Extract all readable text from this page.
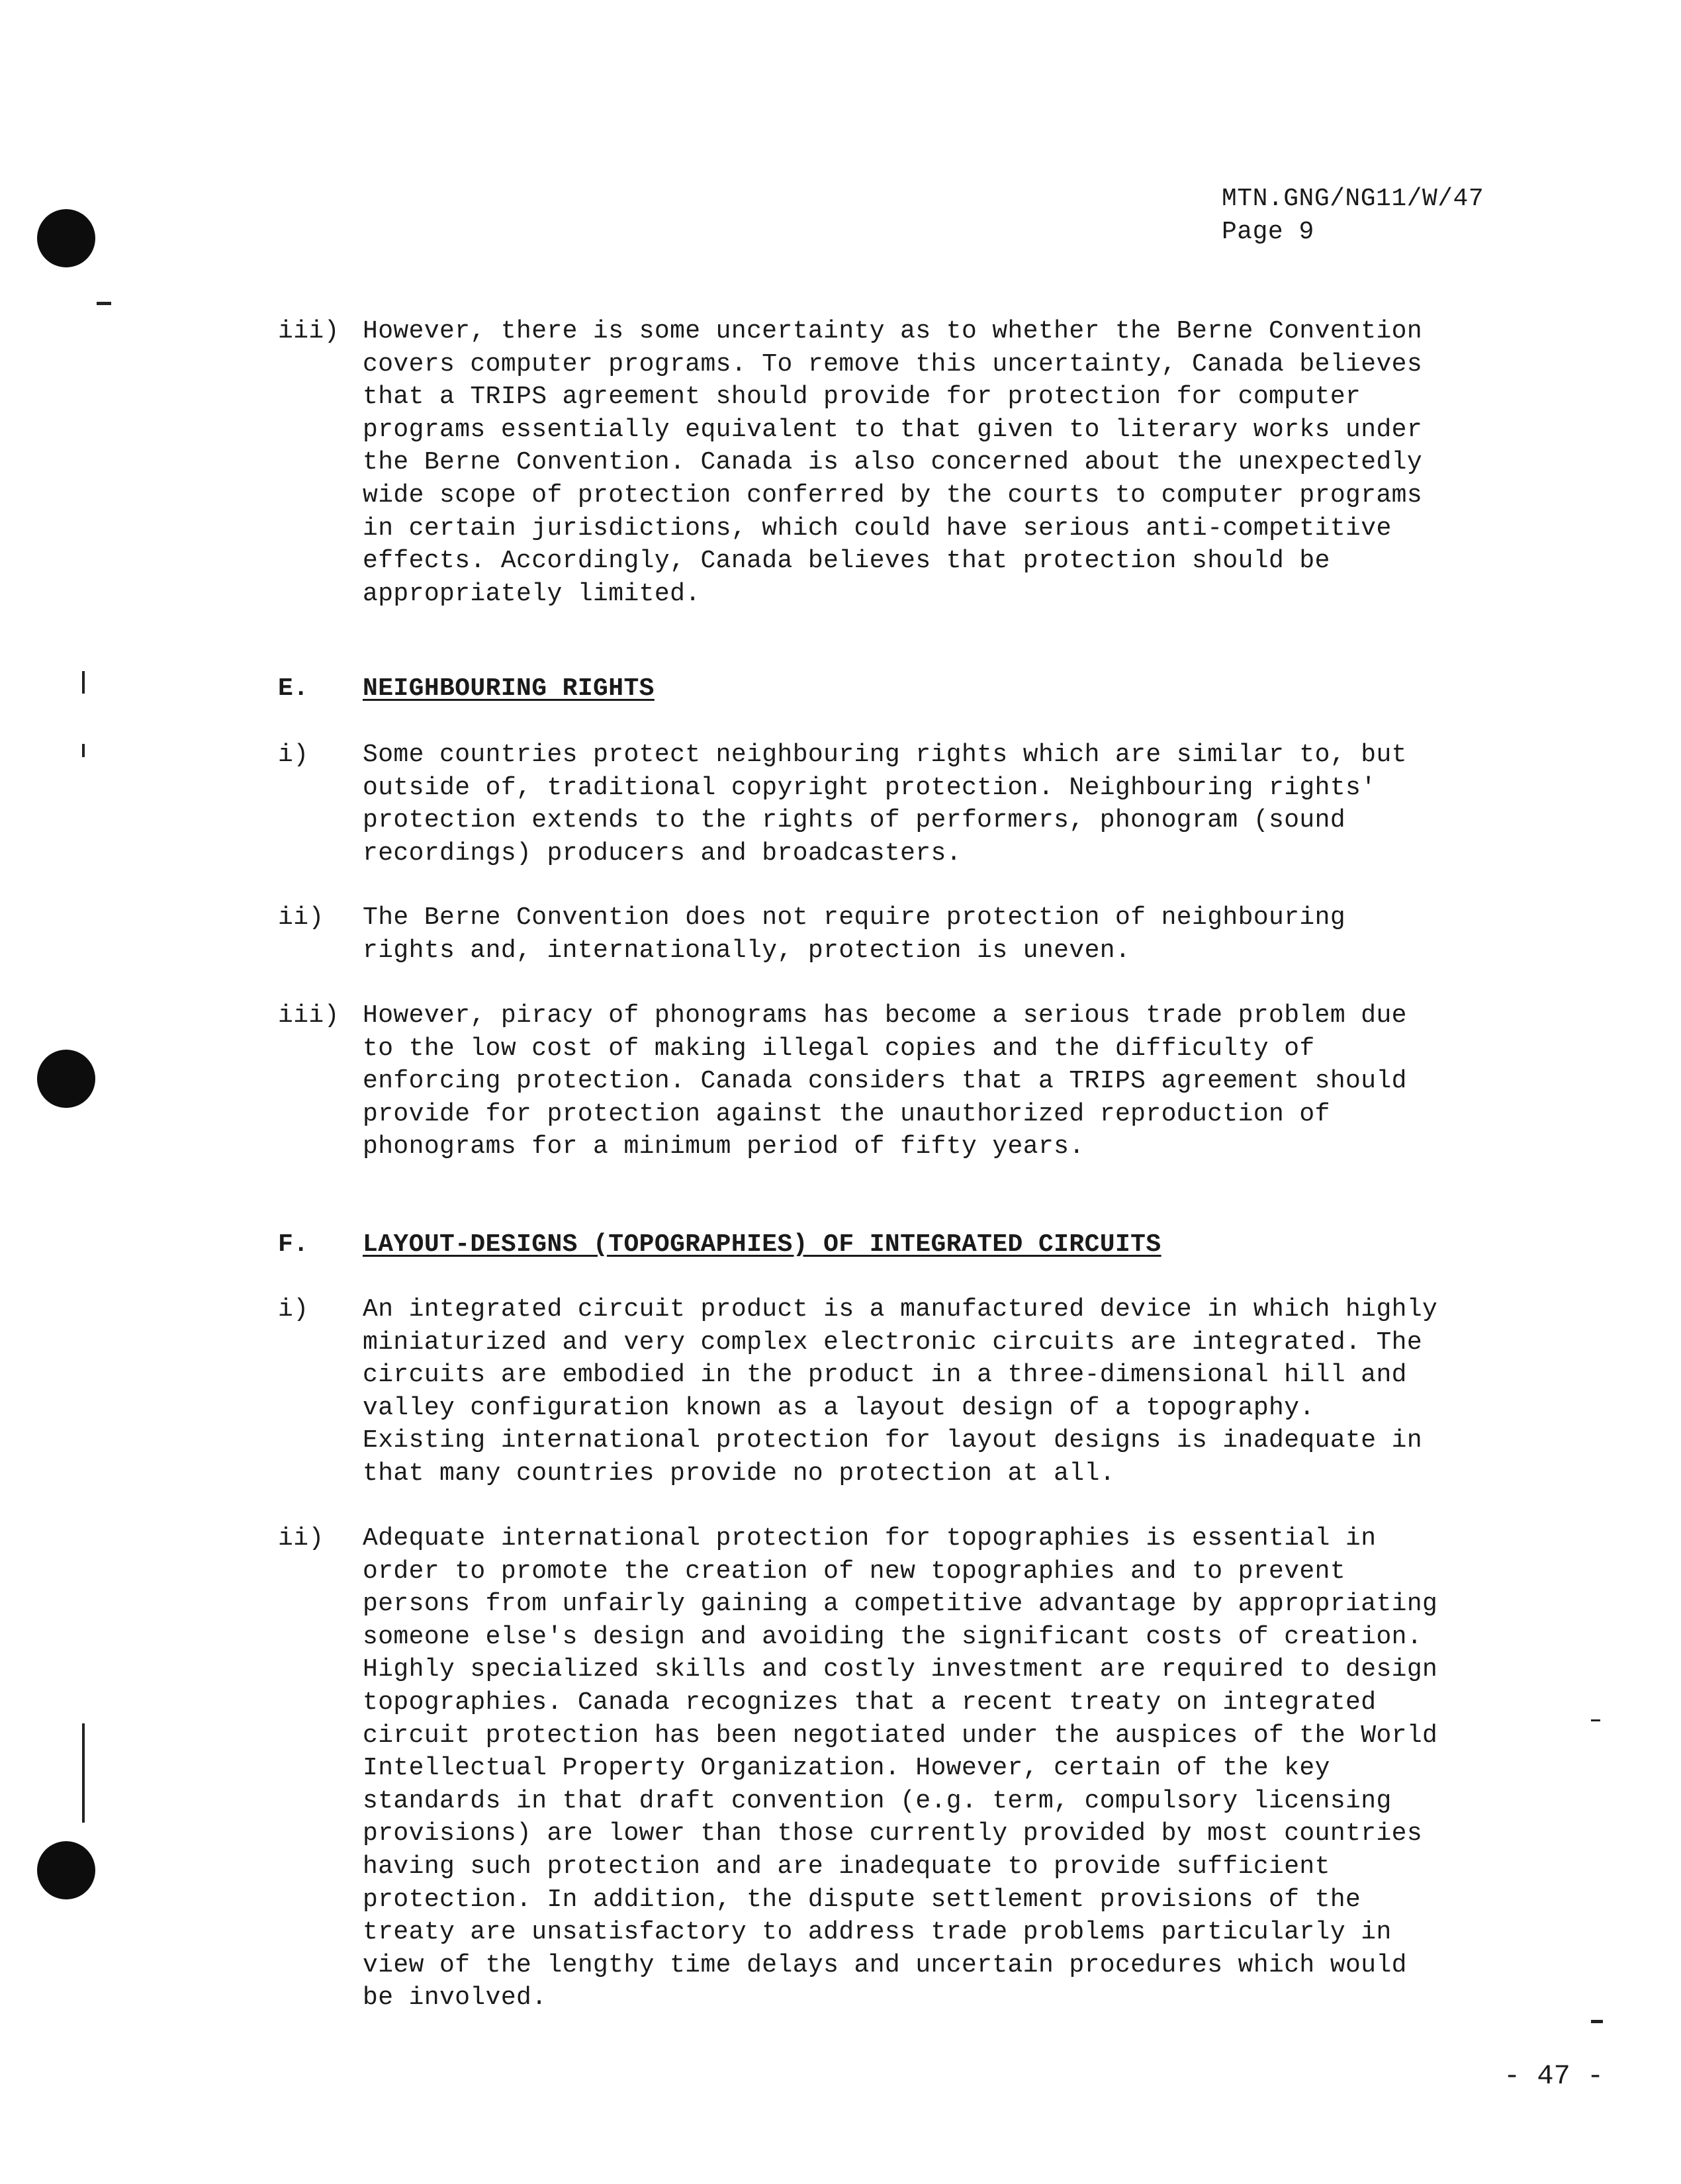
MTN.GNG/NG11/W/47
Page 9
iii) However, there is some uncertainty as to whether the Berne Convention
covers computer programs. To remove this uncertainty, Canada believes
that a TRIPS agreement should provide for protection for computer
programs essentially equivalent to that given to literary works under
the Berne Convention. Canada is also concerned about the unexpectedly
wide scope of protection conferred by the courts to computer programs
in certain jurisdictions, which could have serious anti-competitive
effects. Accordingly, Canada believes that protection should be
appropriately limited.
E. NEIGHBOURING RIGHTS
i) Some countries protect neighbouring rights which are similar to, but
outside of, traditional copyright protection. Neighbouring rights'
protection extends to the rights of performers, phonogram (sound
recordings) producers and broadcasters.
ii) The Berne Convention does not require protection of neighbouring
rights and, internationally, protection is uneven.
iii) However, piracy of phonograms has become a serious trade problem due
to the low cost of making illegal copies and the difficulty of
enforcing protection. Canada considers that a TRIPS agreement should
provide for protection against the unauthorized reproduction of
phonograms for a minimum period of fifty years.
F. LAYOUT-DESIGNS (TOPOGRAPHIES) OF INTEGRATED CIRCUITS
i) An integrated circuit product is a manufactured device in which highly
miniaturized and very complex electronic circuits are integrated. The
circuits are embodied in the product in a three-dimensional hill and
valley configuration known as a layout design of a topography.
Existing international protection for layout designs is inadequate in
that many countries provide no protection at all.
ii) Adequate international protection for topographies is essential in
order to promote the creation of new topographies and to prevent
persons from unfairly gaining a competitive advantage by appropriating
someone else's design and avoiding the significant costs of creation.
Highly specialized skills and costly investment are required to design
topographies. Canada recognizes that a recent treaty on integrated
circuit protection has been negotiated under the auspices of the World
Intellectual Property Organization. However, certain of the key
standards in that draft convention (e.g. term, compulsory licensing
provisions) are lower than those currently provided by most countries
having such protection and are inadequate to provide sufficient
protection. In addition, the dispute settlement provisions of the
treaty are unsatisfactory to address trade problems particularly in
view of the lengthy time delays and uncertain procedures which would
be involved.
- 47 -
